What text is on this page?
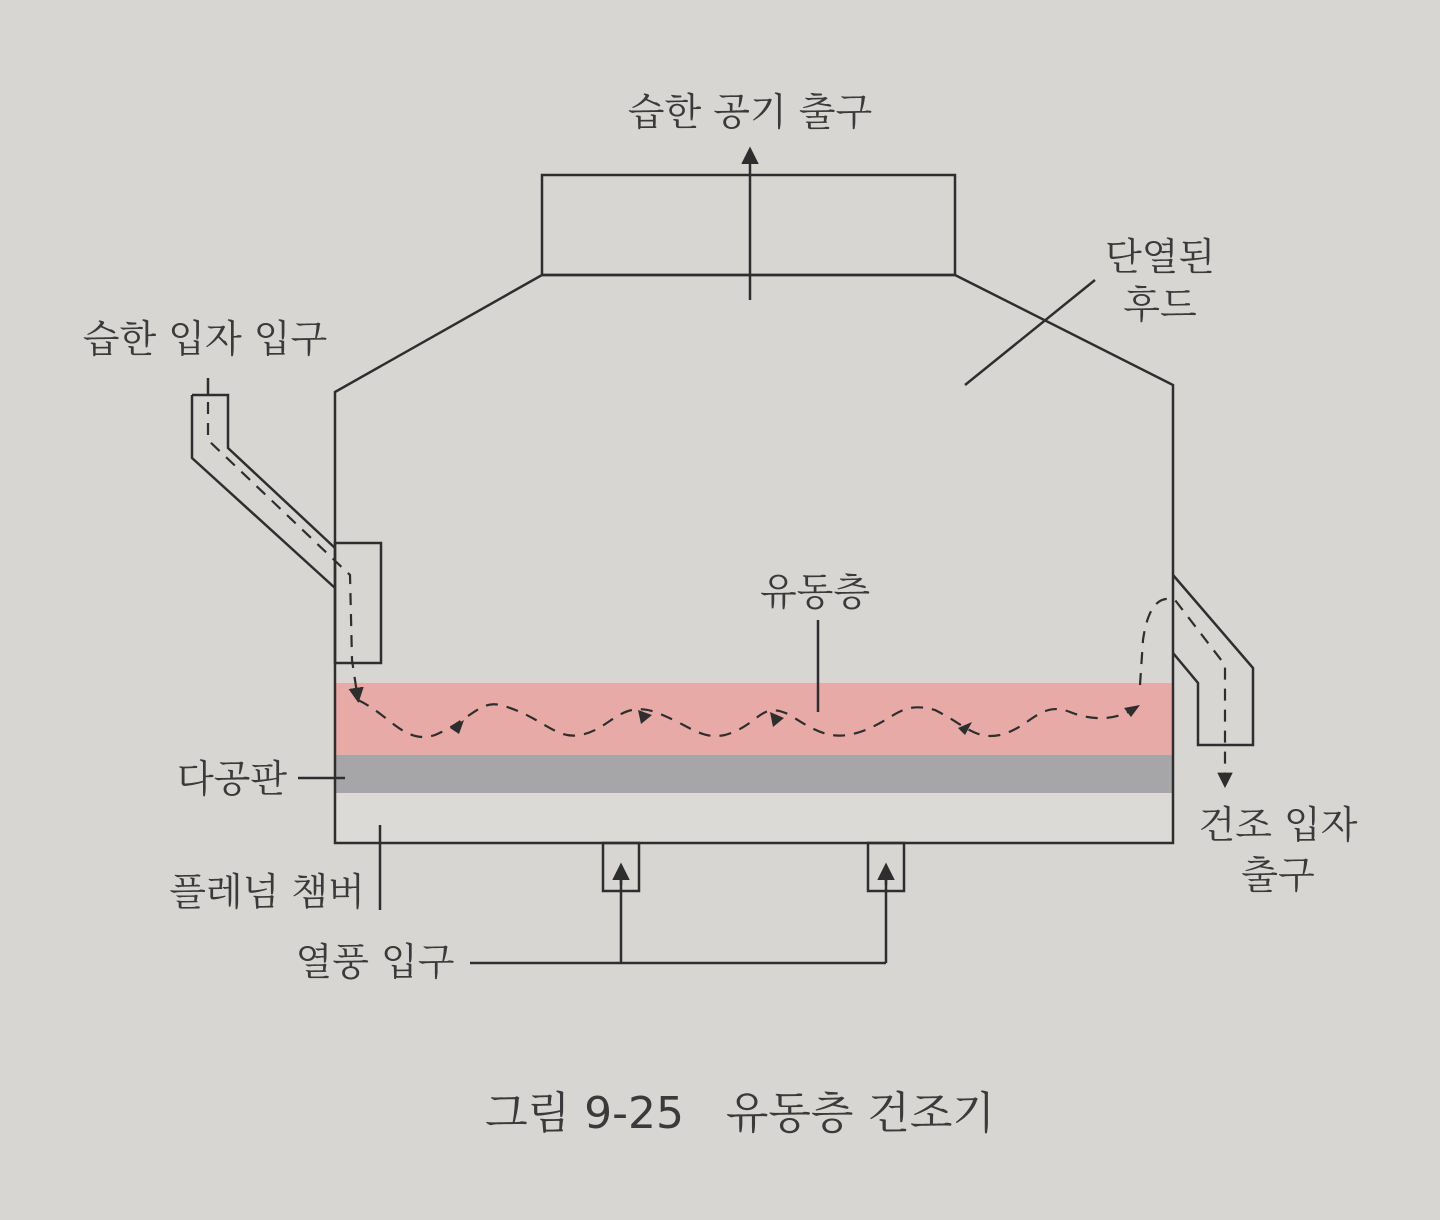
습한 공기 출구
단열된
후드
습한 입자 입구
유동층
다공판
플레넘 챔버
열풍 입구
건조 입자
출구
그림 9-25   유동층 건조기
